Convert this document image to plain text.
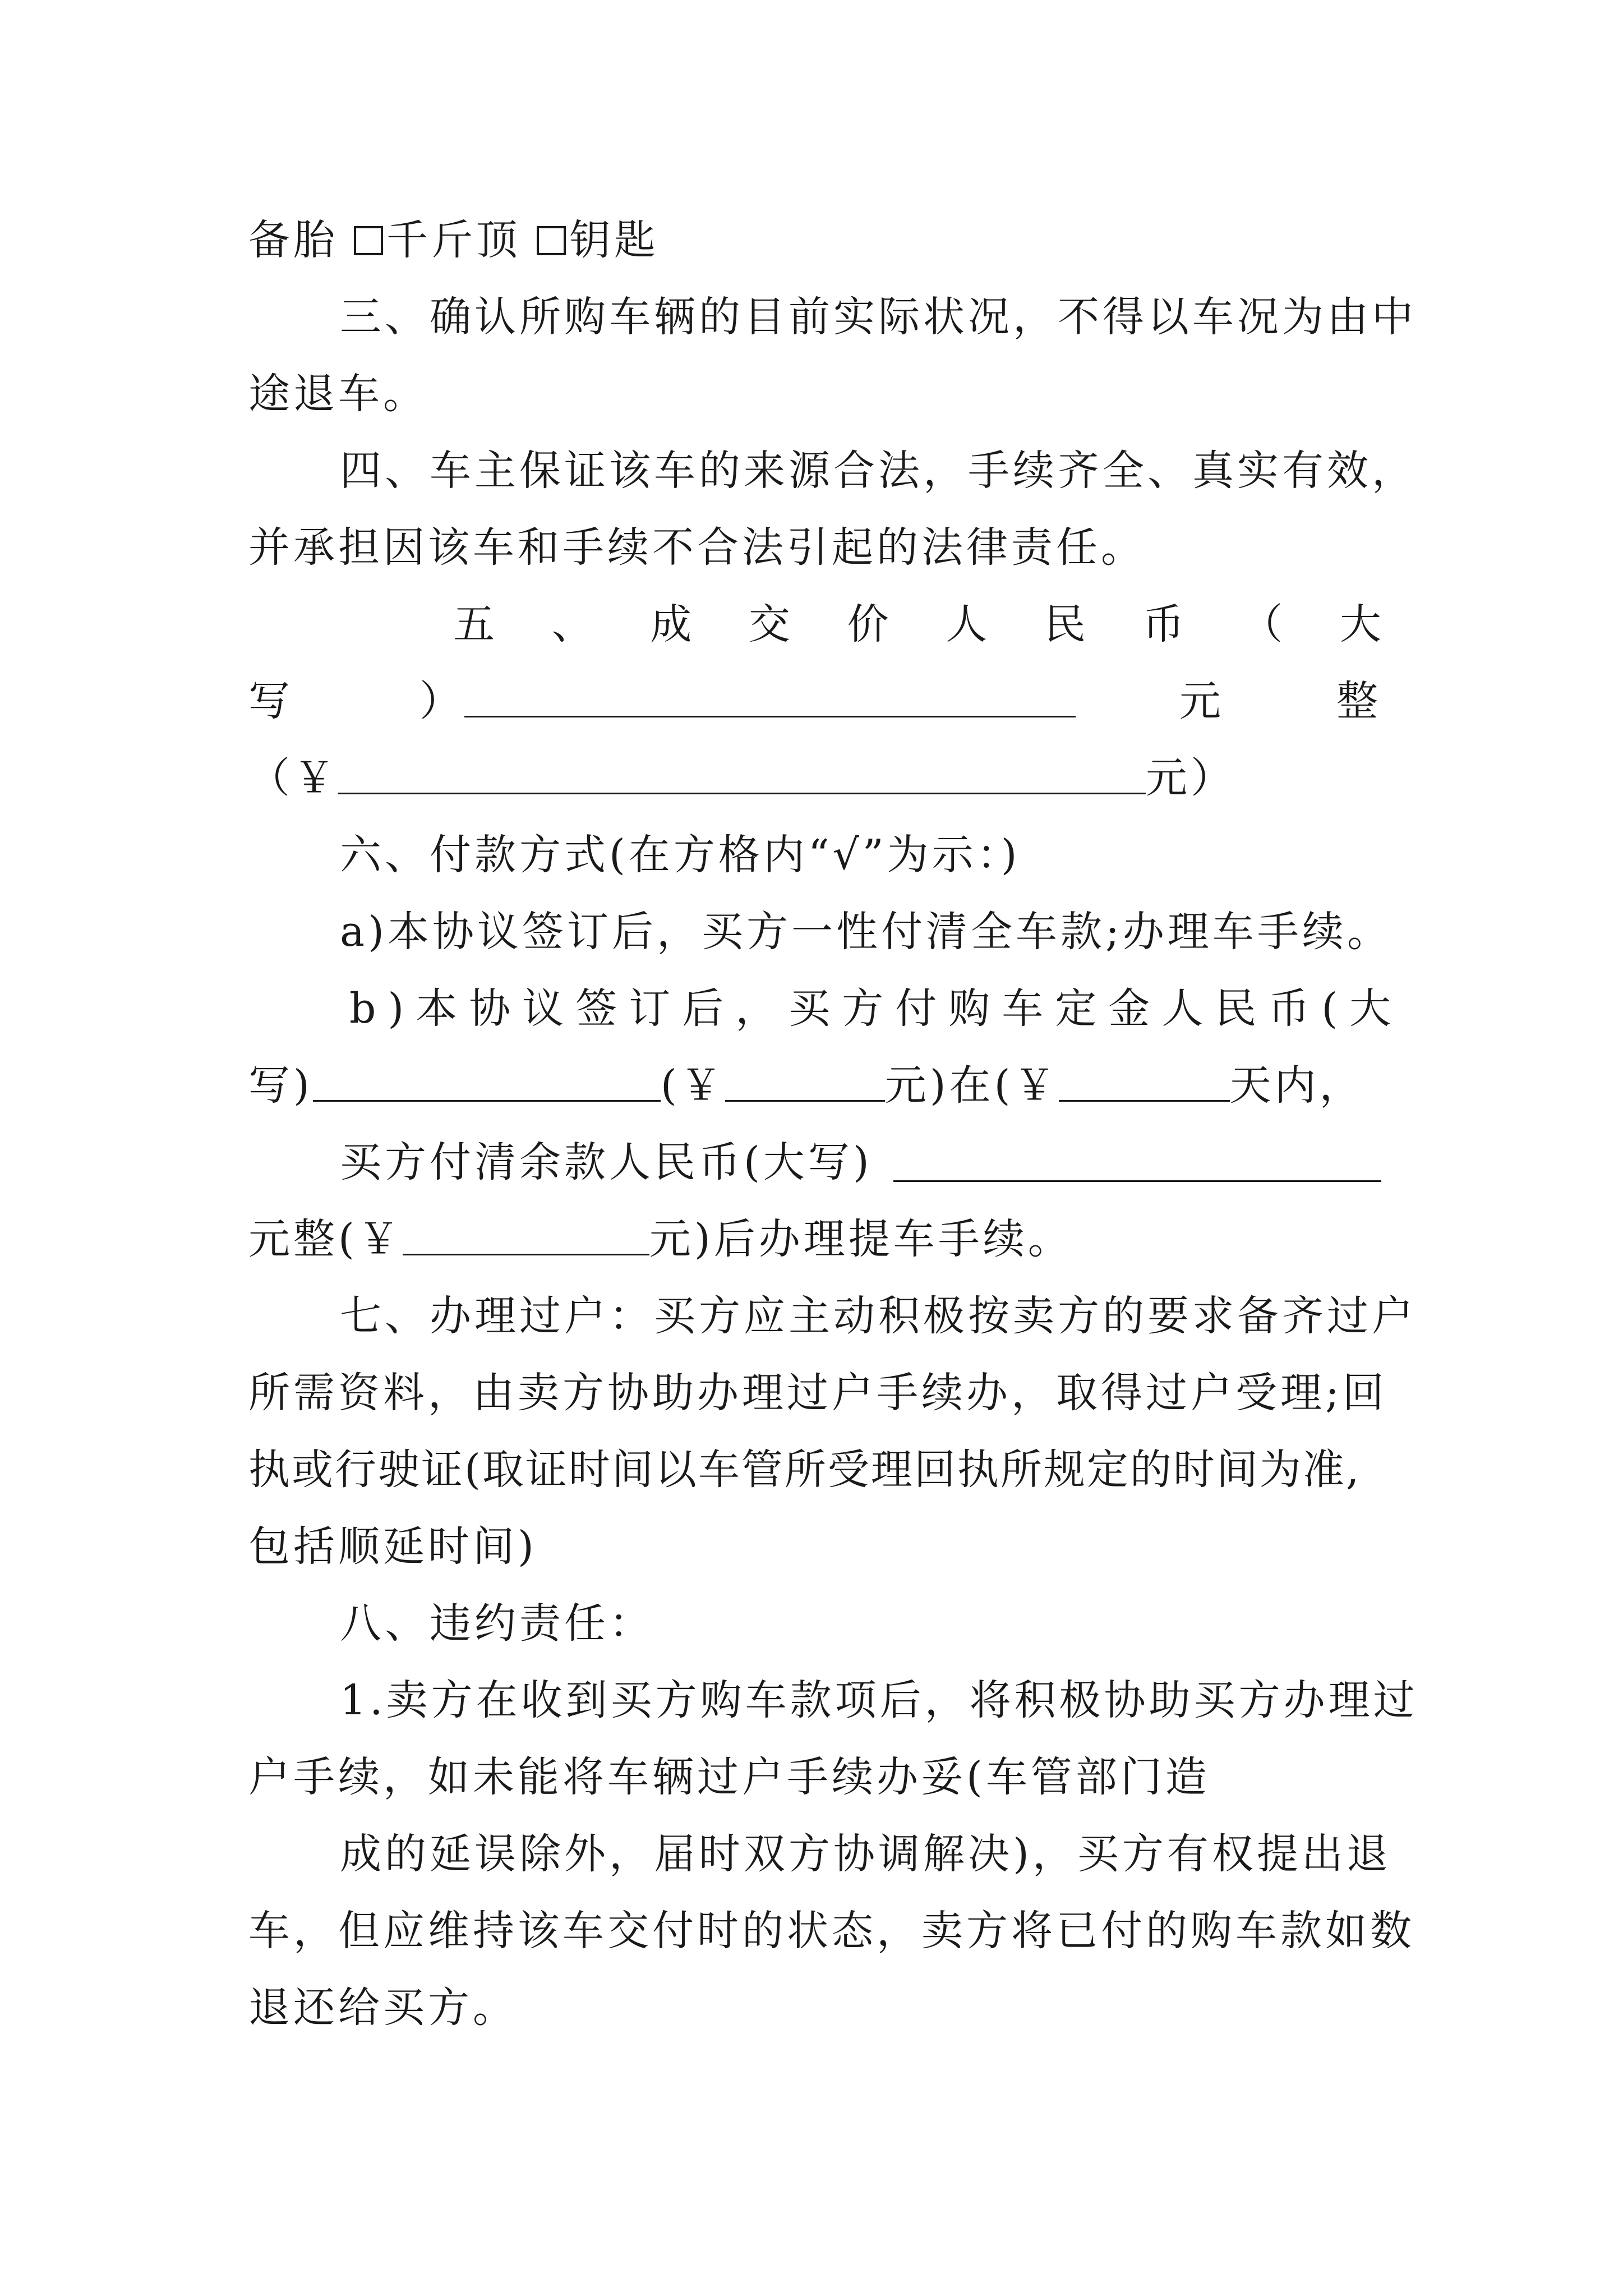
备胎 千斤顶 钥匙
三、确认所购车辆的目前实际状况，不得以车况为由中
途退车。
四、车主保证该车的来源合法，手续齐全、真实有效，
并承担因该车和手续不合法引起的法律责任。
五 、 成 交 价 人 民 币 （ 大
写	）	元	整
（￥	元）
六、付款方式(在方格内“√”为示：)
a)本协议签订后，买方一性付清全车款;办理车手续。
b)本协议签订后，买方付购车定金人民币(大
写)	(￥	元)在(￥	天内，
买方付清余款人民币(大写)
元整(￥	元)后办理提车手续。
七、办理过户：买方应主动积极按卖方的要求备齐过户
所需资料，由卖方协助办理过户手续办，取得过户受理;回
执或行驶证(取证时间以车管所受理回执所规定的时间为准,
包括顺延时间)
八、违约责任：
1.卖方在收到买方购车款项后，将积极协助买方办理过
户手续，如未能将车辆过户手续办妥(车管部门造
成的延误除外，届时双方协调解决)，买方有权提出退
车，但应维持该车交付时的状态，卖方将已付的购车款如数
退还给买方。
